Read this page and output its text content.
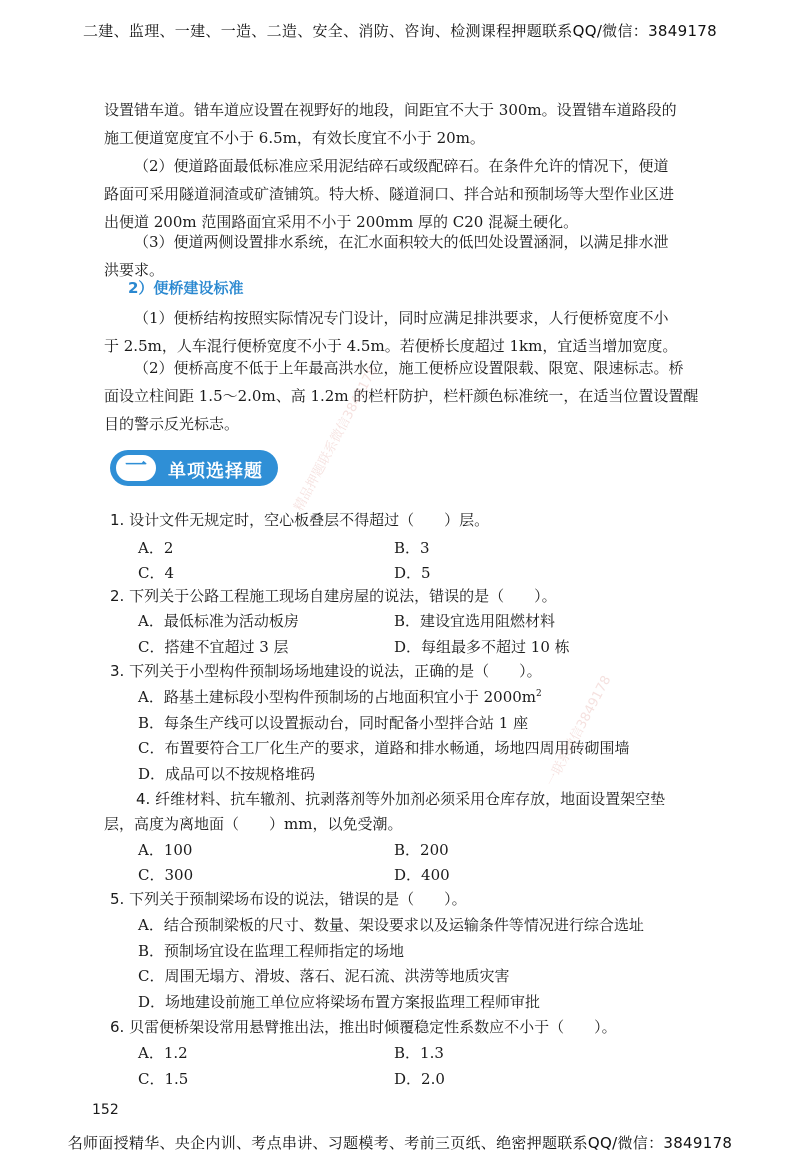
二建、监理、一建、一造、二造、安全、消防、咨询、检测课程押题联系QQ/微信：3849178
设置错车道。错车道应设置在视野好的地段，间距宜不大于 300m。设置错车道路段的
施工便道宽度宜不小于 6.5m，有效长度宜不小于 20m。
（2）便道路面最低标准应采用泥结碎石或级配碎石。在条件允许的情况下，便道
路面可采用隧道洞渣或矿渣铺筑。特大桥、隧道洞口、拌合站和预制场等大型作业区进
出便道 200m 范围路面宜采用不小于 200mm 厚的 C20 混凝土硬化。
（3）便道两侧设置排水系统，在汇水面积较大的低凹处设置涵洞，以满足排水泄
洪要求。
2）便桥建设标准
（1）便桥结构按照实际情况专门设计，同时应满足排洪要求，人行便桥宽度不小
于 2.5m，人车混行便桥宽度不小于 4.5m。若便桥长度超过 1km，宜适当增加宽度。
（2）便桥高度不低于上年最高洪水位，施工便桥应设置限载、限宽、限速标志。桥
面设立柱间距 1.5～2.0m、高 1.2m 的栏杆防护，栏杆颜色标准统一，在适当位置设置醒
目的警示反光标志。
一	单项选择题
1. 设计文件无规定时，空心板叠层不得超过（　　）层。
A．2	B．3
C．4	D．5
2. 下列关于公路工程施工现场自建房屋的说法，错误的是（　　）。
A．最低标准为活动板房	B．建设宜选用阻燃材料
C．搭建不宜超过 3 层	D．每组最多不超过 10 栋
3. 下列关于小型构件预制场场地建设的说法，正确的是（　　）。
A．路基土建标段小型构件预制场的占地面积宜小于 $2000m^2$
B．每条生产线可以设置振动台，同时配备小型拌合站 1 座
C．布置要符合工厂化生产的要求，道路和排水畅通，场地四周用砖砌围墙
D．成品可以不按规格堆码
4. 纤维材料、抗车辙剂、抗剥落剂等外加剂必须采用仓库存放，地面设置架空垫
层，高度为离地面（　　）mm，以免受潮。
A．100	B．200
C．300	D．400
5. 下列关于预制梁场布设的说法，错误的是（　　）。
A．结合预制梁板的尺寸、数量、架设要求以及运输条件等情况进行综合选址
B．预制场宜设在监理工程师指定的场地
C．周围无塌方、滑坡、落石、泥石流、洪涝等地质灾害
D．场地建设前施工单位应将梁场布置方案报监理工程师审批
6. 贝雷便桥架设常用悬臂推出法，推出时倾覆稳定性系数应不小于（　　）。
A．1.2	B．1.3
C．1.5	D．2.0
精品押题联系微信3849178
一联系微信3849178
152
名师面授精华、央企内训、考点串讲、习题模考、考前三页纸、绝密押题联系QQ/微信：3849178
